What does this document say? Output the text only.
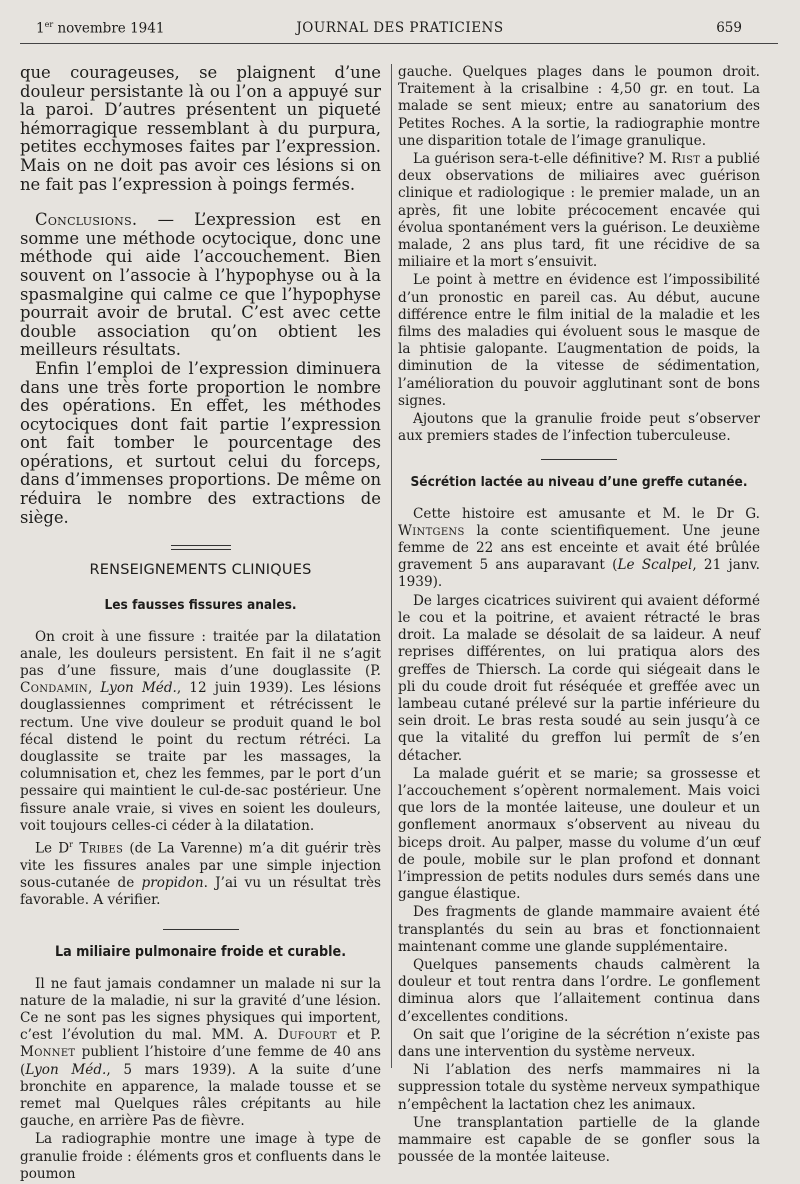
1er novembre 1941	JOURNAL DES PRATICIENS	659

que courageuses, se plaignent d’une douleur persistante là ou l’on a appuyé sur la paroi. D’autres présentent un piqueté hémorragique ressemblant à du purpura, petites ecchymoses faites par l’expression. Mais on ne doit pas avoir ces lésions si on ne fait pas l’expression à poings fermés.

Conclusions. — L’expression est en somme une méthode ocytocique, donc une méthode qui aide l’accouchement. Bien souvent on l’associe à l’hypophyse ou à la spasmalgine qui calme ce que l’hypophyse pourrait avoir de brutal. C’est avec cette double association qu’on obtient les meilleurs résultats.

Enfin l’emploi de l’expression diminuera dans une très forte proportion le nombre des opérations. En effet, les méthodes ocytociques dont fait partie l’expression ont fait tomber le pourcentage des opérations, et surtout celui du forceps, dans d’immenses proportions. De même on réduira le nombre des extractions de siège.

RENSEIGNEMENTS CLINIQUES
Les fausses fissures anales.

On croit à une fissure : traitée par la dilatation anale, les douleurs persistent. En fait il ne s’agit pas d’une fissure, mais d’une douglassite (P. Condamin, Lyon Méd., 12 juin 1939). Les lésions douglassiennes compriment et rétrécissent le rectum. Une vive douleur se produit quand le bol fécal distend le point du rectum rétréci. La douglassite se traite par les massages, la columnisation et, chez les femmes, par le port d’un pessaire qui maintient le cul-de-sac postérieur. Une fissure anale vraie, si vives en soient les douleurs, voit toujours celles-ci céder à la dilatation.

Le $D^r$ Tribes (de La Varenne) m’a dit guérir très vite les fissures anales par une simple injection sous-cutanée de propidon. J’ai vu un résultat très favorable. A vérifier.

La miliaire pulmonaire froide et curable.

Il ne faut jamais condamner un malade ni sur la nature de la maladie, ni sur la gravité d’une lésion. Ce ne sont pas les signes physiques qui importent, c’est l’évolution du mal. MM. A. Dufourt et P. Monnet publient l’histoire d’une femme de 40 ans (Lyon Méd., 5 mars 1939). A la suite d’une bronchite en apparence, la malade tousse et se remet mal Quelques râles crépitants au hile gauche, en arrière Pas de fièvre.

La radiographie montre une image à type de granulie froide : éléments gros et confluents dans le poumon

gauche. Quelques plages dans le poumon droit. Traitement à la crisalbine : 4,50 gr. en tout. La malade se sent mieux; entre au sanatorium des Petites Roches. A la sortie, la radiographie montre une disparition totale de l’image granulique.

La guérison sera-t-elle définitive? M. Rist a publié deux observations de miliaires avec guérison clinique et radiologique : le premier malade, un an après, fit une lobite précocement encavée qui évolua spontanément vers la guérison. Le deuxième malade, 2 ans plus tard, fit une récidive de sa miliaire et la mort s’ensuivit.

Le point à mettre en évidence est l’impossibilité d’un pronostic en pareil cas. Au début, aucune différence entre le film initial de la maladie et les films des maladies qui évoluent sous le masque de la phtisie galopante. L’augmentation de poids, la diminution de la vitesse de sédimentation, l’amélioration du pouvoir agglutinant sont de bons signes.

Ajoutons que la granulie froide peut s’observer aux premiers stades de l’infection tuberculeuse.

Sécrétion lactée au niveau d’une greffe cutanée.

Cette histoire est amusante et M. le Dr G. Wintgens la conte scientifiquement. Une jeune femme de 22 ans est enceinte et avait été brûlée gravement 5 ans auparavant (Le Scalpel, 21 janv. 1939).

De larges cicatrices suivirent qui avaient déformé le cou et la poitrine, et avaient rétracté le bras droit. La malade se désolait de sa laideur. A neuf reprises différentes, on lui pratiqua alors des greffes de Thiersch. La corde qui siégeait dans le pli du coude droit fut réséquée et greffée avec un lambeau cutané prélevé sur la partie inférieure du sein droit. Le bras resta soudé au sein jusqu’à ce que la vitalité du greffon lui permît de s’en détacher.

La malade guérit et se marie; sa grossesse et l’accouchement s’opèrent normalement. Mais voici que lors de la montée laiteuse, une douleur et un gonflement anormaux s’observent au niveau du biceps droit. Au palper, masse du volume d’un œuf de poule, mobile sur le plan profond et donnant l’impression de petits nodules durs semés dans une gangue élastique.

Des fragments de glande mammaire avaient été transplantés du sein au bras et fonctionnaient maintenant comme une glande supplémentaire.

Quelques pansements chauds calmèrent la douleur et tout rentra dans l’ordre. Le gonflement diminua alors que l’allaitement continua dans d’excellentes conditions.

On sait que l’origine de la sécrétion n’existe pas dans une intervention du système nerveux.

Ni l’ablation des nerfs mammaires ni la suppression totale du système nerveux sympathique n’empêchent la lactation chez les animaux.

Une transplantation partielle de la glande mammaire est capable de se gonfler sous la poussée de la montée laiteuse.
